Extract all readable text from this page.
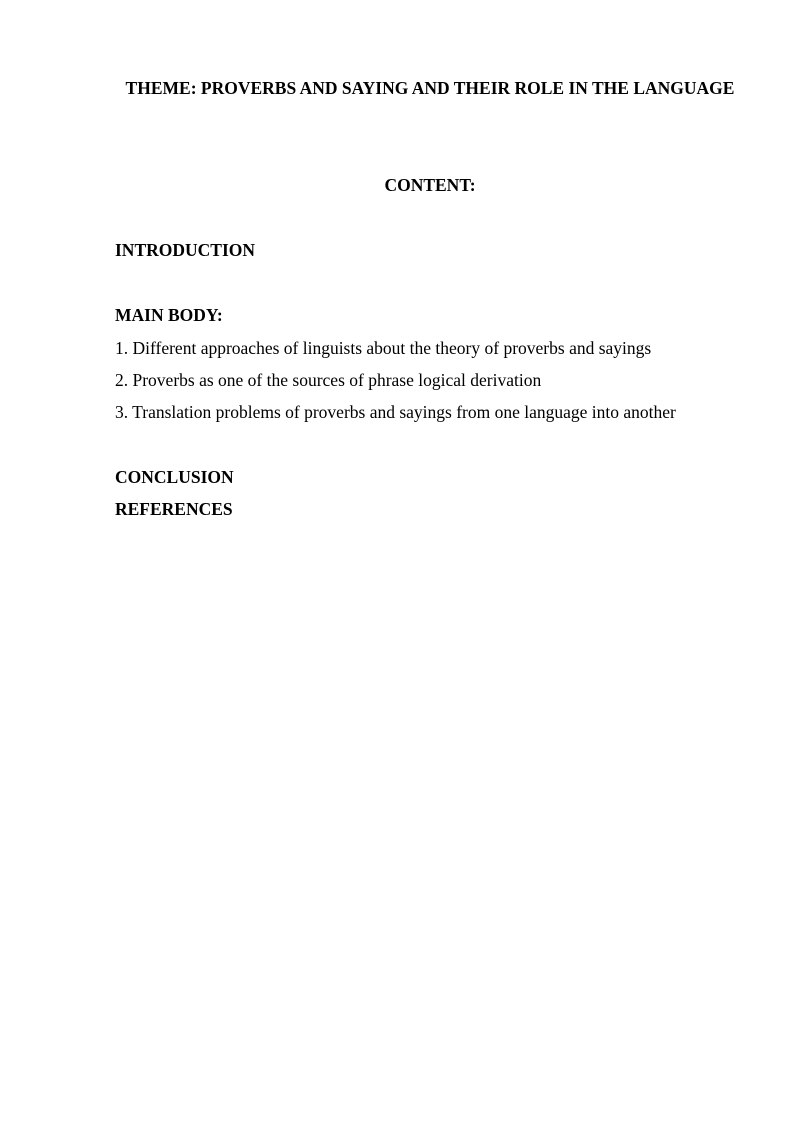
THEME: PROVERBS AND SAYING AND THEIR ROLE IN THE LANGUAGE

CONTENT:

INTRODUCTION

MAIN BODY:

1. Different approaches of linguists about the theory of proverbs and sayings

2. Proverbs as one of the sources of phrase logical derivation

3. Translation problems of proverbs and sayings from one language into another

CONCLUSION

REFERENCES
